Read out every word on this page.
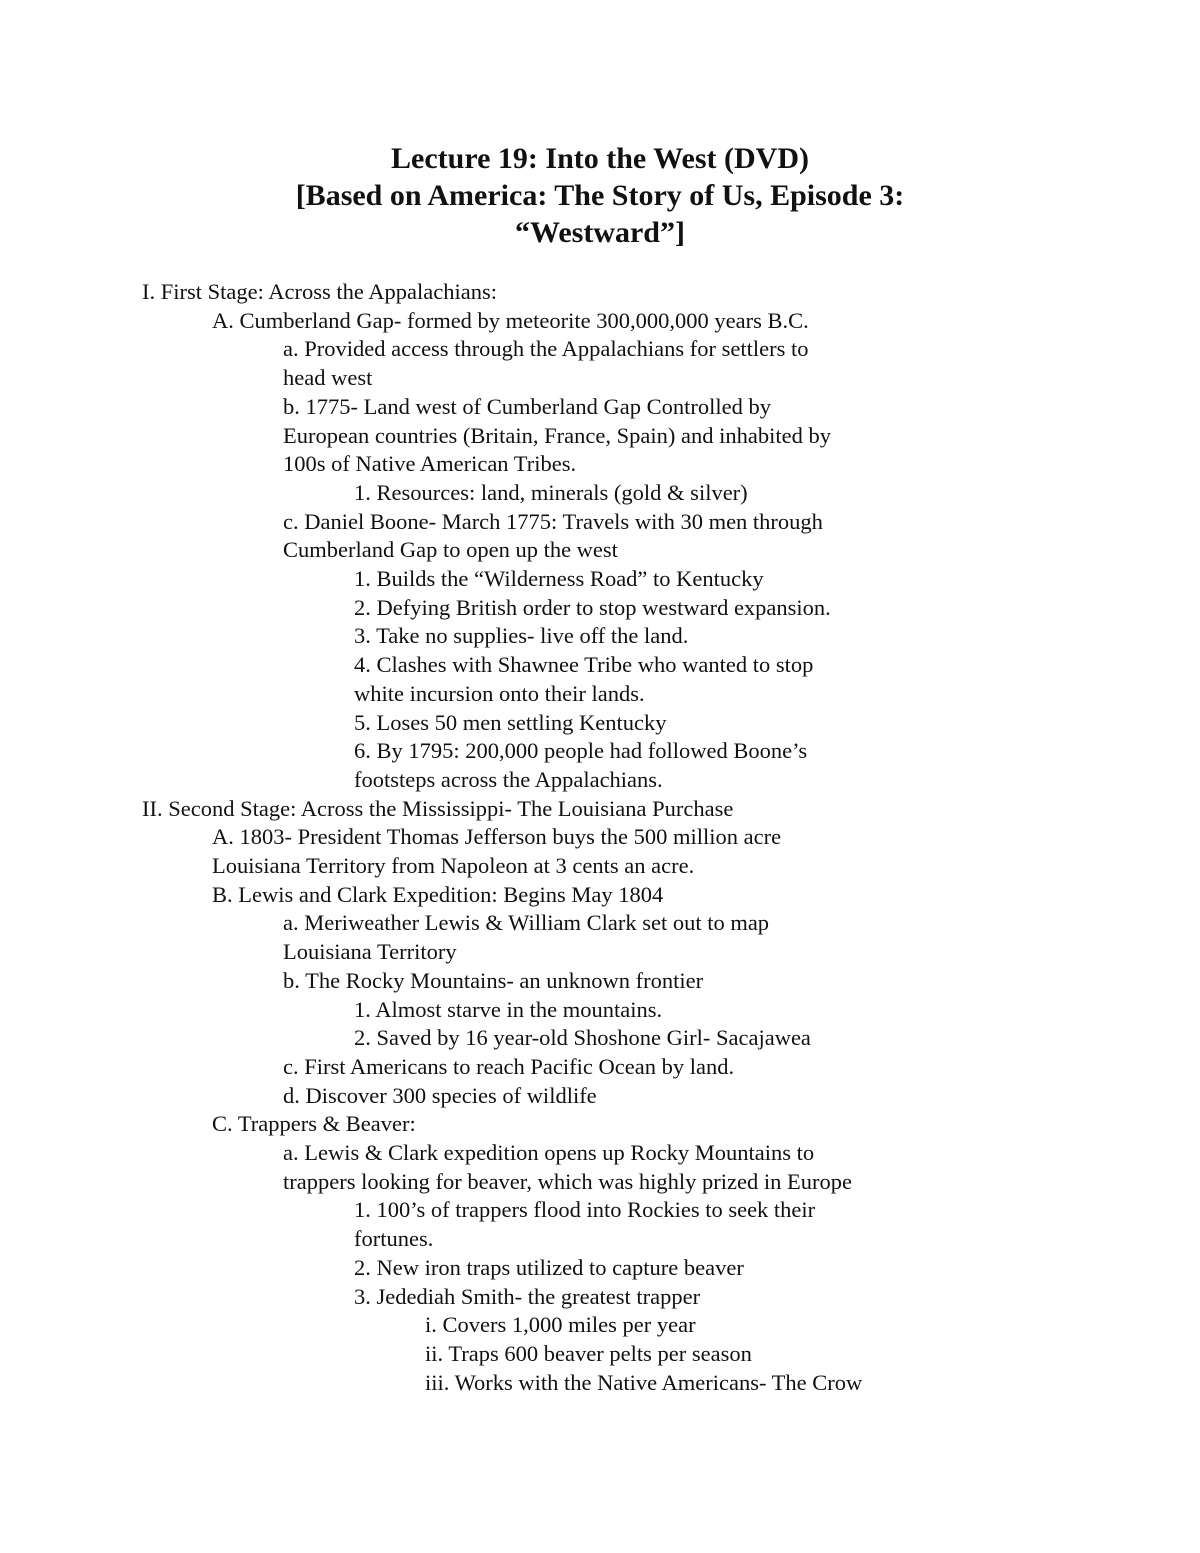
Lecture 19: Into the West (DVD)
[Based on America: The Story of Us, Episode 3:
“Westward”]
I. First Stage: Across the Appalachians:
A. Cumberland Gap- formed by meteorite 300,000,000 years B.C.
a. Provided access through the Appalachians for settlers to
head west
b. 1775- Land west of Cumberland Gap Controlled by
European countries (Britain, France, Spain) and inhabited by
100s of Native American Tribes.
1. Resources: land, minerals (gold & silver)
c. Daniel Boone- March 1775: Travels with 30 men through
Cumberland Gap to open up the west
1. Builds the “Wilderness Road” to Kentucky
2. Defying British order to stop westward expansion.
3. Take no supplies- live off the land.
4. Clashes with Shawnee Tribe who wanted to stop
white incursion onto their lands.
5. Loses 50 men settling Kentucky
6. By 1795: 200,000 people had followed Boone’s
footsteps across the Appalachians.
II. Second Stage: Across the Mississippi- The Louisiana Purchase
A. 1803- President Thomas Jefferson buys the 500 million acre
Louisiana Territory from Napoleon at 3 cents an acre.
B. Lewis and Clark Expedition: Begins May 1804
a. Meriweather Lewis & William Clark set out to map
Louisiana Territory
b. The Rocky Mountains- an unknown frontier
1. Almost starve in the mountains.
2. Saved by 16 year-old Shoshone Girl- Sacajawea
c. First Americans to reach Pacific Ocean by land.
d. Discover 300 species of wildlife
C. Trappers & Beaver:
a. Lewis & Clark expedition opens up Rocky Mountains to
trappers looking for beaver, which was highly prized in Europe
1. 100’s of trappers flood into Rockies to seek their
fortunes.
2. New iron traps utilized to capture beaver
3. Jedediah Smith- the greatest trapper
i. Covers 1,000 miles per year
ii. Traps 600 beaver pelts per season
iii. Works with the Native Americans- The Crow
